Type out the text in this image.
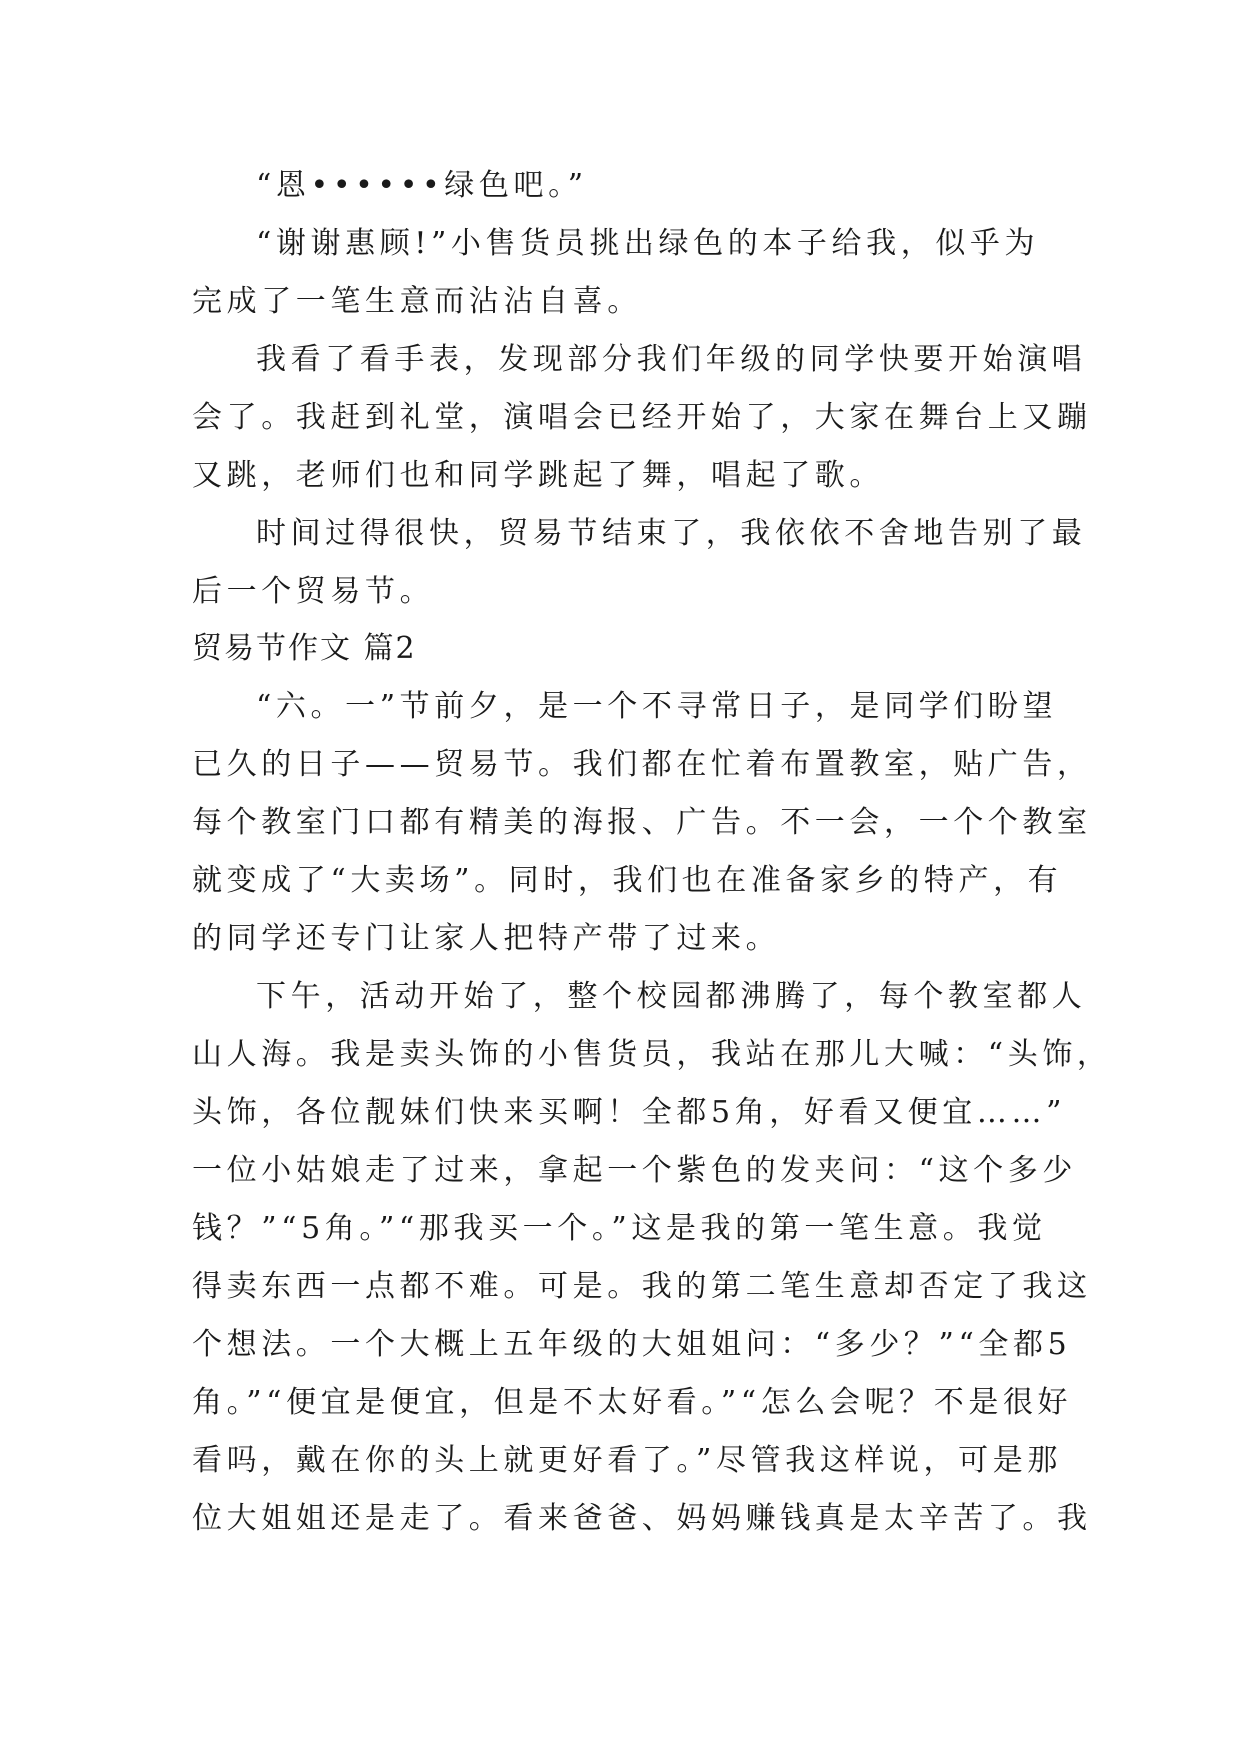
“恩••••••绿色吧。”
“谢谢惠顾!”小售货员挑出绿色的本子给我，似乎为
完成了一笔生意而沾沾自喜。
我看了看手表，发现部分我们年级的同学快要开始演唱
会了。我赶到礼堂，演唱会已经开始了，大家在舞台上又蹦
又跳，老师们也和同学跳起了舞，唱起了歌。
时间过得很快，贸易节结束了，我依依不舍地告别了最
后一个贸易节。
贸易节作文 篇2
“六。一”节前夕，是一个不寻常日子，是同学们盼望
已久的日子——贸易节。我们都在忙着布置教室，贴广告，
每个教室门口都有精美的海报、广告。不一会，一个个教室
就变成了“大卖场”。同时，我们也在准备家乡的特产，有
的同学还专门让家人把特产带了过来。
下午，活动开始了，整个校园都沸腾了，每个教室都人
山人海。我是卖头饰的小售货员，我站在那儿大喊：“头饰，
头饰，各位靓妹们快来买啊！全都5角，好看又便宜……”
一位小姑娘走了过来，拿起一个紫色的发夹问：“这个多少
钱？”“5角。”“那我买一个。”这是我的第一笔生意。我觉
得卖东西一点都不难。可是。我的第二笔生意却否定了我这
个想法。一个大概上五年级的大姐姐问：“多少？”“全都5
角。”“便宜是便宜，但是不太好看。”“怎么会呢？不是很好
看吗，戴在你的头上就更好看了。”尽管我这样说，可是那
位大姐姐还是走了。看来爸爸、妈妈赚钱真是太辛苦了。我
